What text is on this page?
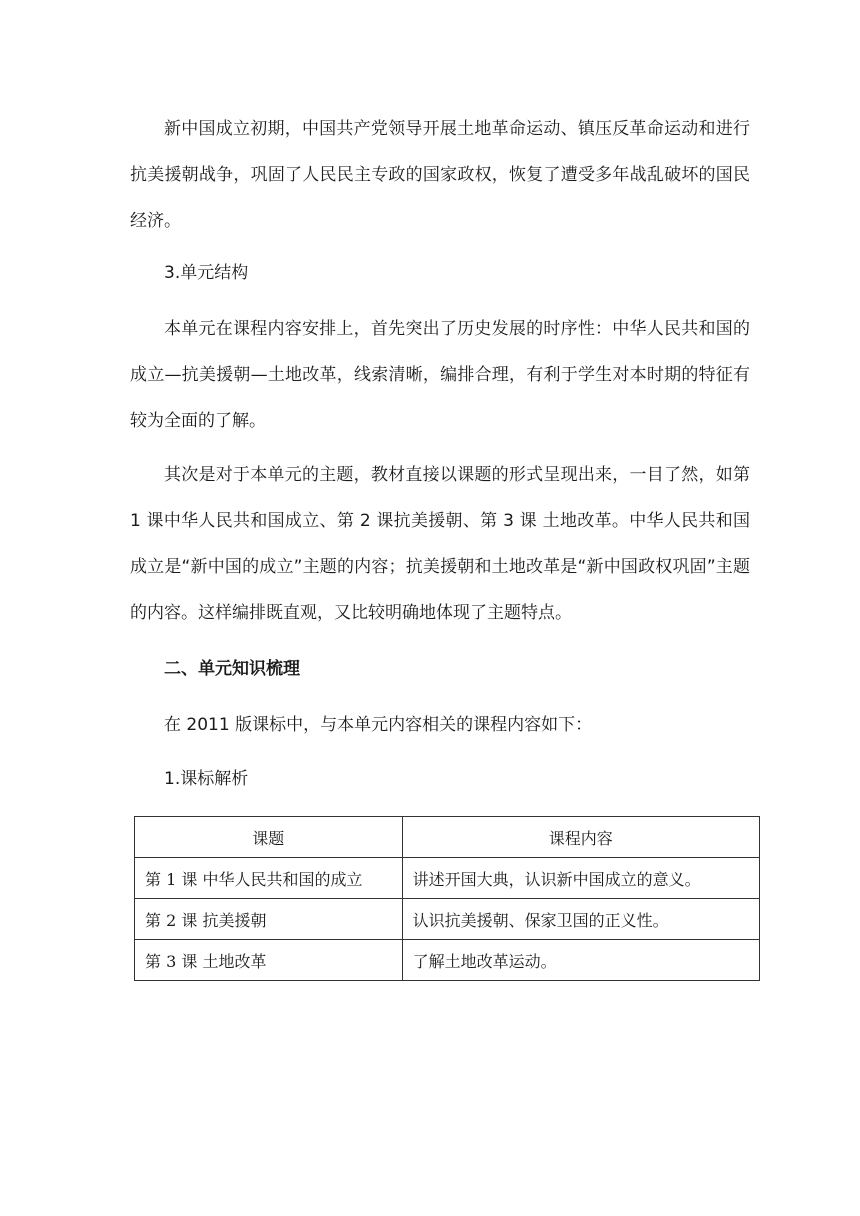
新中国成立初期，中国共产党领导开展土地革命运动、镇压反革命运动和进行抗美援朝战争，巩固了人民民主专政的国家政权，恢复了遭受多年战乱破坏的国民经济。

3.单元结构

本单元在课程内容安排上，首先突出了历史发展的时序性：中华人民共和国的成立—抗美援朝—土地改革，线索清晰，编排合理，有利于学生对本时期的特征有较为全面的了解。

其次是对于本单元的主题，教材直接以课题的形式呈现出来，一目了然，如第 1 课中华人民共和国成立、第 2 课抗美援朝、第 3 课 土地改革。中华人民共和国成立是“新中国的成立”主题的内容；抗美援朝和土地改革是“新中国政权巩固”主题的内容。这样编排既直观，又比较明确地体现了主题特点。

二、单元知识梳理

在 2011 版课标中，与本单元内容相关的课程内容如下：

1.课标解析

课题	课程内容
第 1 课 中华人民共和国的成立	讲述开国大典，认识新中国成立的意义。
第 2 课 抗美援朝	认识抗美援朝、保家卫国的正义性。
第 3 课 土地改革	了解土地改革运动。
